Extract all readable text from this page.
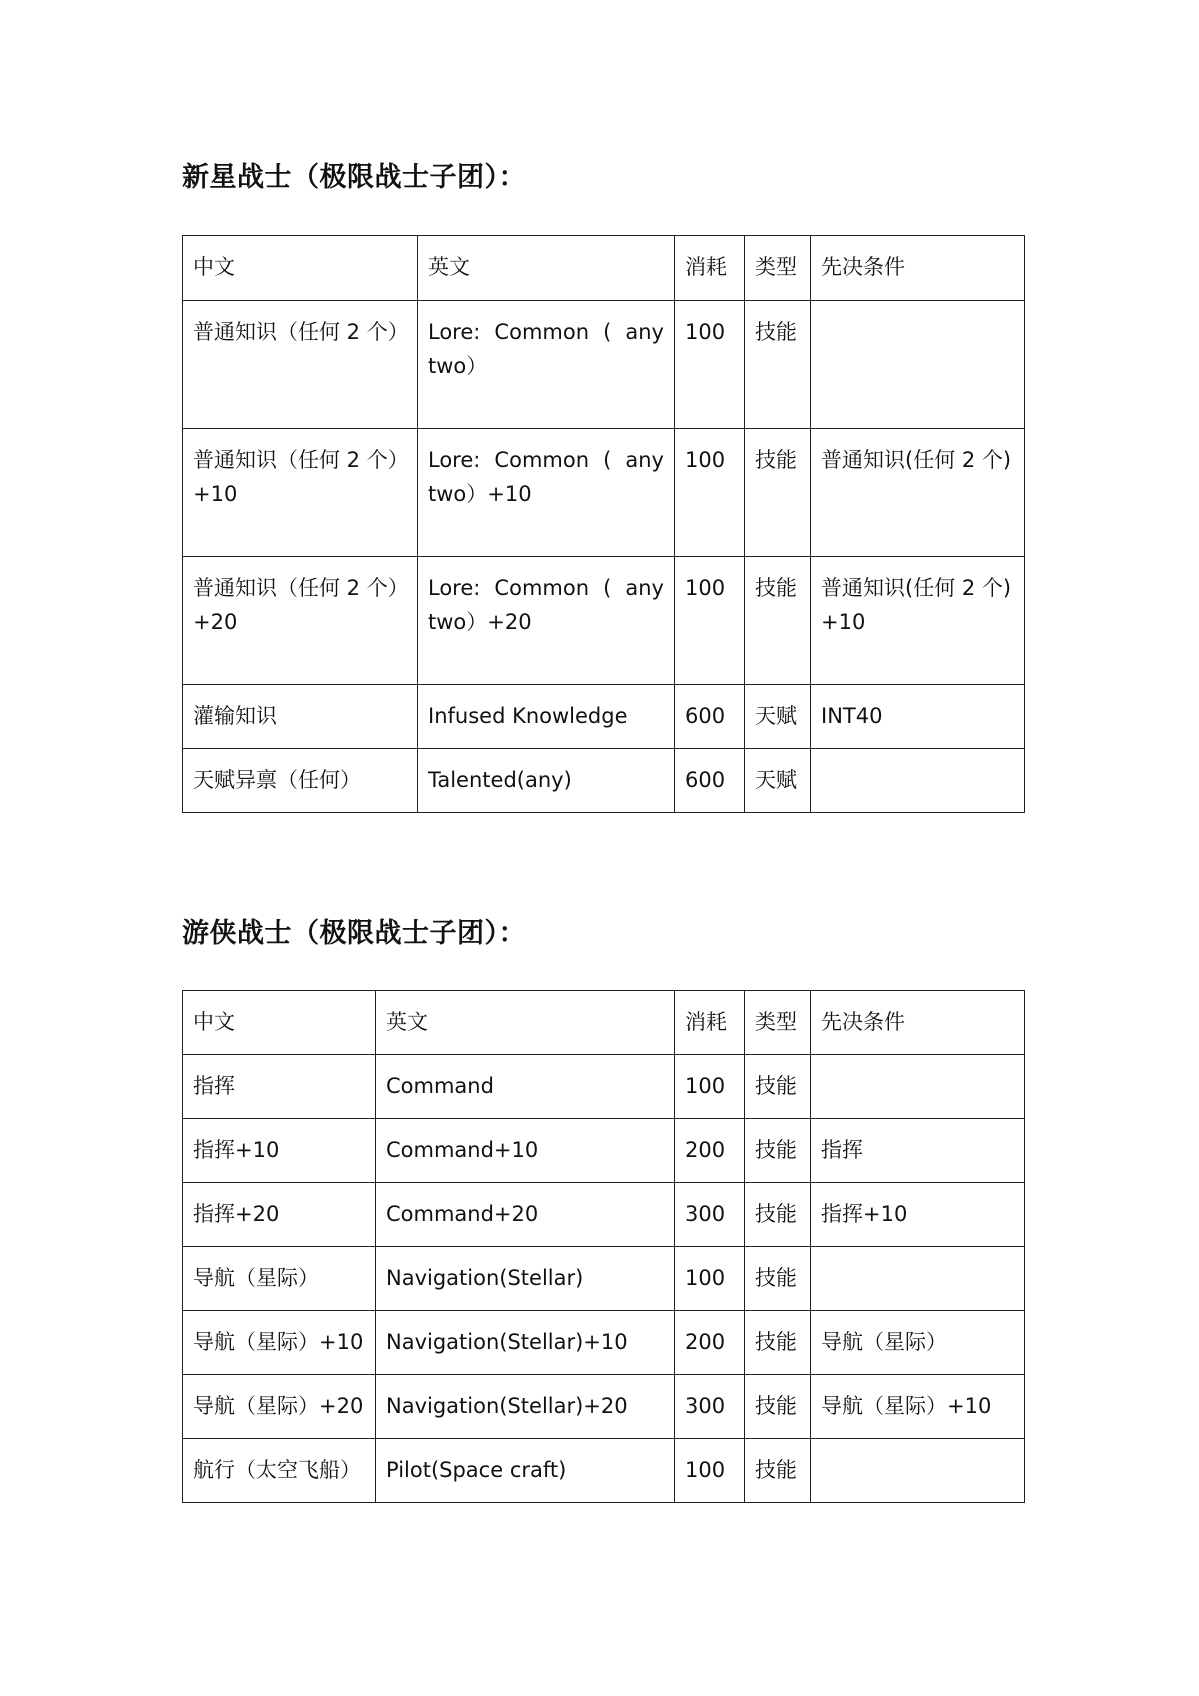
新星战士（极限战士子团）：
中文	英文	消耗	类型	先决条件

普通知识（任何 2 个）	Lore: Common ( any two）	100	技能	

普通知识（任何 2 个）+10	Lore: Common ( any two）+10	100	技能	普通知识(任何 2 个)

普通知识（任何 2 个）+20	Lore: Common ( any two）+20	100	技能	普通知识(任何 2 个) +10

灌输知识	Infused Knowledge	600	天赋	INT40

天赋异禀（任何）	Talented(any)	600	天赋	

游侠战士（极限战士子团）：
中文	英文	消耗	类型	先决条件

指挥	Command	100	技能	

指挥+10	Command+10	200	技能	指挥

指挥+20	Command+20	300	技能	指挥+10

导航（星际）	Navigation(Stellar)	100	技能	

导航（星际）+10	Navigation(Stellar)+10	200	技能	导航（星际）

导航（星际）+20	Navigation(Stellar)+20	300	技能	导航（星际）+10

航行（太空飞船）	Pilot(Space craft)	100	技能	
